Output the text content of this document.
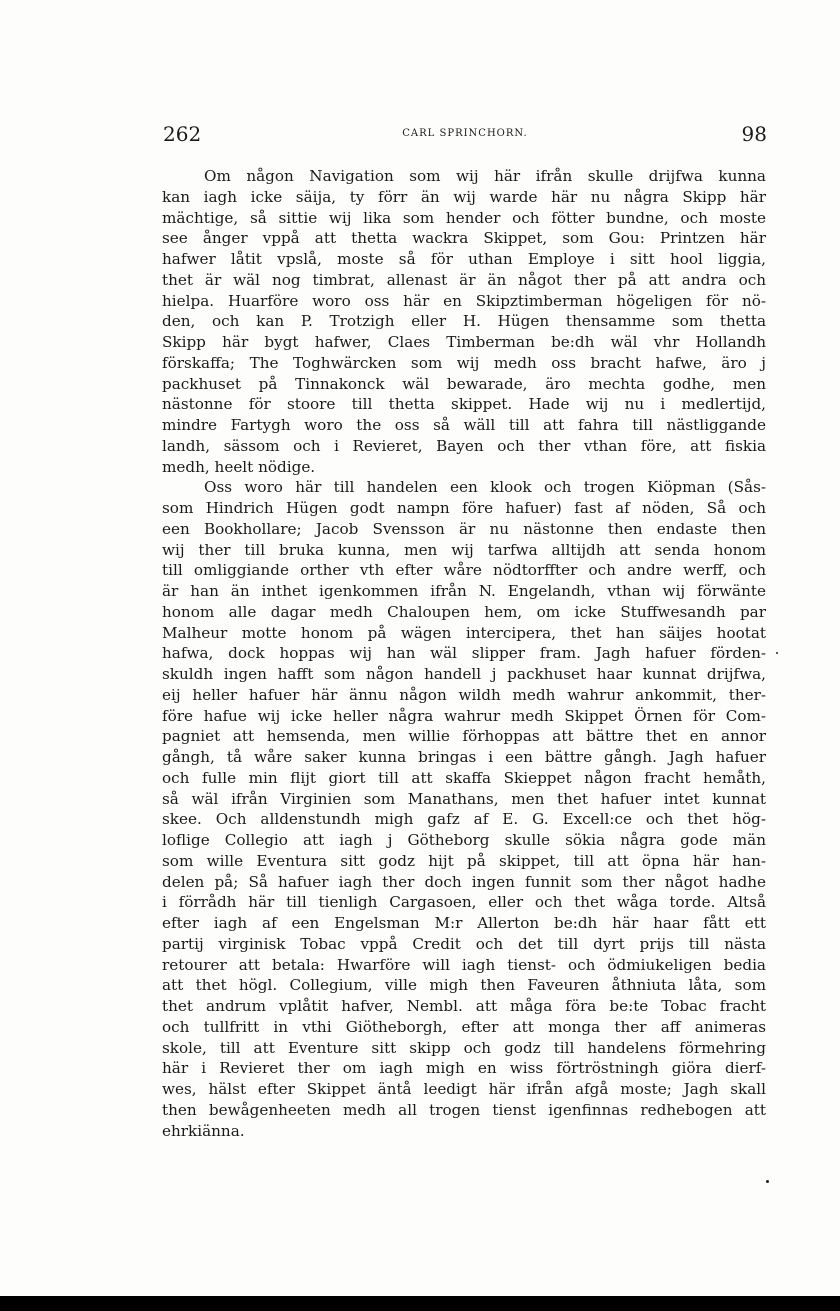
262	CARL SPRINCHORN.	98

Om någon Navigation som wij här ifrån skulle drijfwa kunna
kan iagh icke säija, ty förr än wij warde här nu några Skipp här
mächtige, så sittie wij lika som hender och fötter bundne, och moste
see ånger vppå att thetta wackra Skippet, som Gou: Printzen här
hafwer låtit vpslå, moste så för uthan Employe i sitt hool liggia,
thet är wäl nog timbrat, allenast är än något ther på att andra och
hielpa. Huarföre woro oss här en Skipztimberman högeligen för nö-
den, och kan P. Trotzigh eller H. Hügen thensamme som thetta
Skipp här bygt hafwer, Claes Timberman be:dh wäl vhr Hollandh
förskaffa; The Toghwärcken som wij medh oss bracht hafwe, äro j
packhuset på Tinnakonck wäl bewarade, äro mechta godhe, men
nästonne för stoore till thetta skippet. Hade wij nu i medlertijd,
mindre Fartygh woro the oss så wäll till att fahra till nästliggande
landh, sässom och i Revieret, Bayen och ther vthan före, att fiskia
medh, heelt nödige.

Oss woro här till handelen een klook och trogen Kiöpman (Sås-
som Hindrich Hügen godt nampn före hafuer) fast af nöden, Så och
een Bookhollare; Jacob Svensson är nu nästonne then endaste then
wij ther till bruka kunna, men wij tarfwa alltijdh att senda honom
till omliggiande orther vth efter wåre nödtorffter och andre werff, och
är han än inthet igenkommen ifrån N. Engelandh, vthan wij förwänte
honom alle dagar medh Chaloupen hem, om icke Stuffwesandh par
Malheur motte honom på wägen intercipera, thet han säijes hootat
hafwa, dock hoppas wij han wäl slipper fram. Jagh hafuer förden-
skuldh ingen hafft som någon handell j packhuset haar kunnat drijfwa,
eij heller hafuer här ännu någon wildh medh wahrur ankommit, ther-
före hafue wij icke heller några wahrur medh Skippet Örnen för Com-
pagniet att hemsenda, men willie förhoppas att bättre thet en annor
gångh, tå wåre saker kunna bringas i een bättre gångh. Jagh hafuer
och fulle min flijt giort till att skaffa Skieppet någon fracht hemåth,
så wäl ifrån Virginien som Manathans, men thet hafuer intet kunnat
skee. Och alldenstundh migh gafz af E. G. Excell:ce och thet hög-
loflige Collegio att iagh j Götheborg skulle sökia några gode män
som wille Eventura sitt godz hijt på skippet, till att öpna här han-
delen på; Så hafuer iagh ther doch ingen funnit som ther något hadhe
i förrådh här till tienligh Cargasoen, eller och thet wåga torde. Altså
efter iagh af een Engelsman M:r Allerton be:dh här haar fått ett
partij virginisk Tobac vppå Credit och det till dyrt prijs till nästa
retourer att betala: Hwarföre will iagh tienst- och ödmiukeligen bedia
att thet högl. Collegium, ville migh then Faveuren åthniuta låta, som
thet andrum vplåtit hafver, Nembl. att måga föra be:te Tobac fracht
och tullfritt in vthi Giötheborgh, efter att monga ther aff animeras
skole, till att Eventure sitt skipp och godz till handelens förmehring
här i Revieret ther om iagh migh en wiss förtröstningh giöra dierf-
wes, hälst efter Skippet äntå leedigt här ifrån afgå moste; Jagh skall
then bewågenheeten medh all trogen tienst igenfinnas redhebogen att
ehrkiänna.
